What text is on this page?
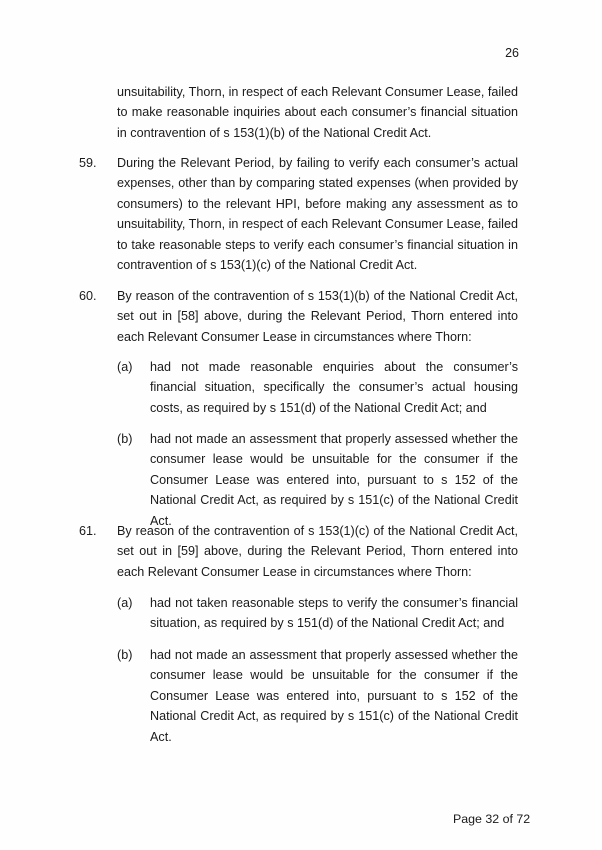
26

unsuitability, Thorn, in respect of each Relevant Consumer Lease, failed to make reasonable inquiries about each consumer’s financial situation in contravention of s 153(1)(b) of the National Credit Act.

59. During the Relevant Period, by failing to verify each consumer’s actual expenses, other than by comparing stated expenses (when provided by consumers) to the relevant HPI, before making any assessment as to unsuitability, Thorn, in respect of each Relevant Consumer Lease, failed to take reasonable steps to verify each consumer’s financial situation in contravention of s 153(1)(c) of the National Credit Act.

60. By reason of the contravention of s 153(1)(b) of the National Credit Act, set out in [58] above, during the Relevant Period, Thorn entered into each Relevant Consumer Lease in circumstances where Thorn:

(a) had not made reasonable enquiries about the consumer’s financial situation, specifically the consumer’s actual housing costs, as required by s 151(d) of the National Credit Act; and

(b) had not made an assessment that properly assessed whether the consumer lease would be unsuitable for the consumer if the Consumer Lease was entered into, pursuant to s 152 of the National Credit Act, as required by s 151(c) of the National Credit Act.

61. By reason of the contravention of s 153(1)(c) of the National Credit Act, set out in [59] above, during the Relevant Period, Thorn entered into each Relevant Consumer Lease in circumstances where Thorn:

(a) had not taken reasonable steps to verify the consumer’s financial situation, as required by s 151(d) of the National Credit Act; and

(b) had not made an assessment that properly assessed whether the consumer lease would be unsuitable for the consumer if the Consumer Lease was entered into, pursuant to s 152 of the National Credit Act, as required by s 151(c) of the National Credit Act.

Page 32 of 72
